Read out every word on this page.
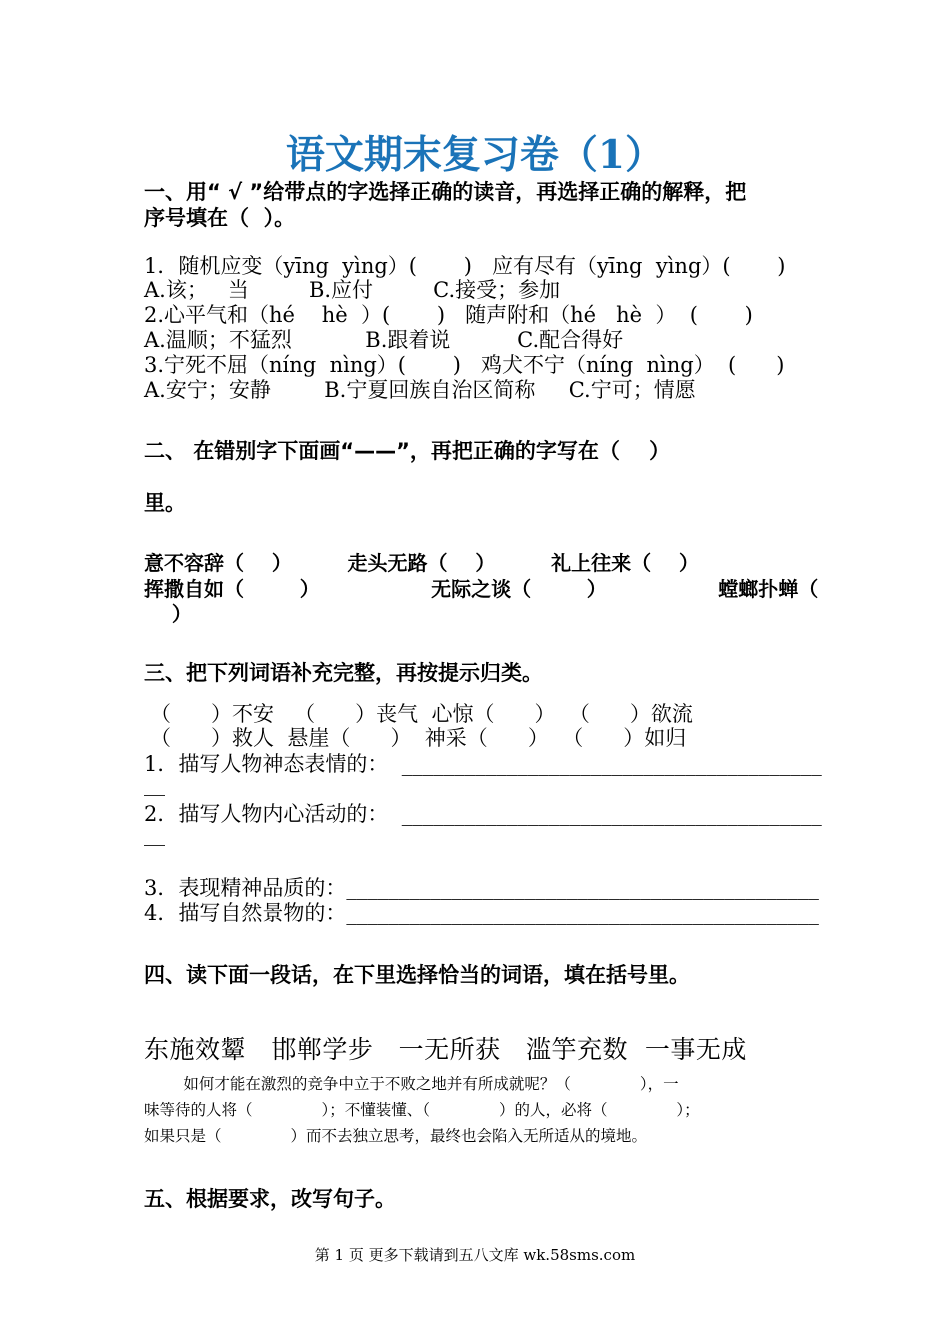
语文期末复习卷（1）
一、用“ √ ”给带点的字选择正确的读音，再选择正确的解释，把
序号填在（  ）。
1．随机应变（yīng  yìng）(       )   应有尽有（yīng  yìng）(       )
A.该；   当         B.应付         C.接受；参加
2.心平气和（hé    hè  ）(       )   随声附和（hé   hè  ）  (       )
A.温顺；不猛烈           B.跟着说          C.配合得好
3.宁死不屈（níng  nìng）(       )   鸡犬不宁（níng  nìng）  (      )
A.安宁；安静        B.宁夏回族自治区简称     C.宁可；情愿
二、 在错别字下面画“——”，再把正确的字写在（    ）
里。
意不容辞（    ）        走头无路（    ）        礼上往来（    ）
挥撒自如（        ）                无际之谈（        ）                螳螂扑蝉（
）
三、把下列词语补充完整，再按提示归类。
（      ）不安   （      ）丧气  心惊（      ）  （      ）欲流
（      ）救人  悬崖（      ）  神采（      ）  （      ）如归
1．描写人物神态表情的：  ________________________________________
__
2．描写人物内心活动的：  ________________________________________
__
3．表现精神品质的：_____________________________________________
4．描写自然景物的：_____________________________________________
四、读下面一段话，在下里选择恰当的词语，填在括号里。
东施效颦   邯郸学步   一无所获   滥竽充数  一事无成
如何才能在激烈的竞争中立于不败之地并有所成就呢？（              ），一
味等待的人将（              ）；不懂装懂、（              ）的人，必将（              ）；
如果只是（              ）而不去独立思考，最终也会陷入无所适从的境地。
五、根据要求，改写句子。
第 1 页 更多下载请到五八文库 wk.58sms.com
